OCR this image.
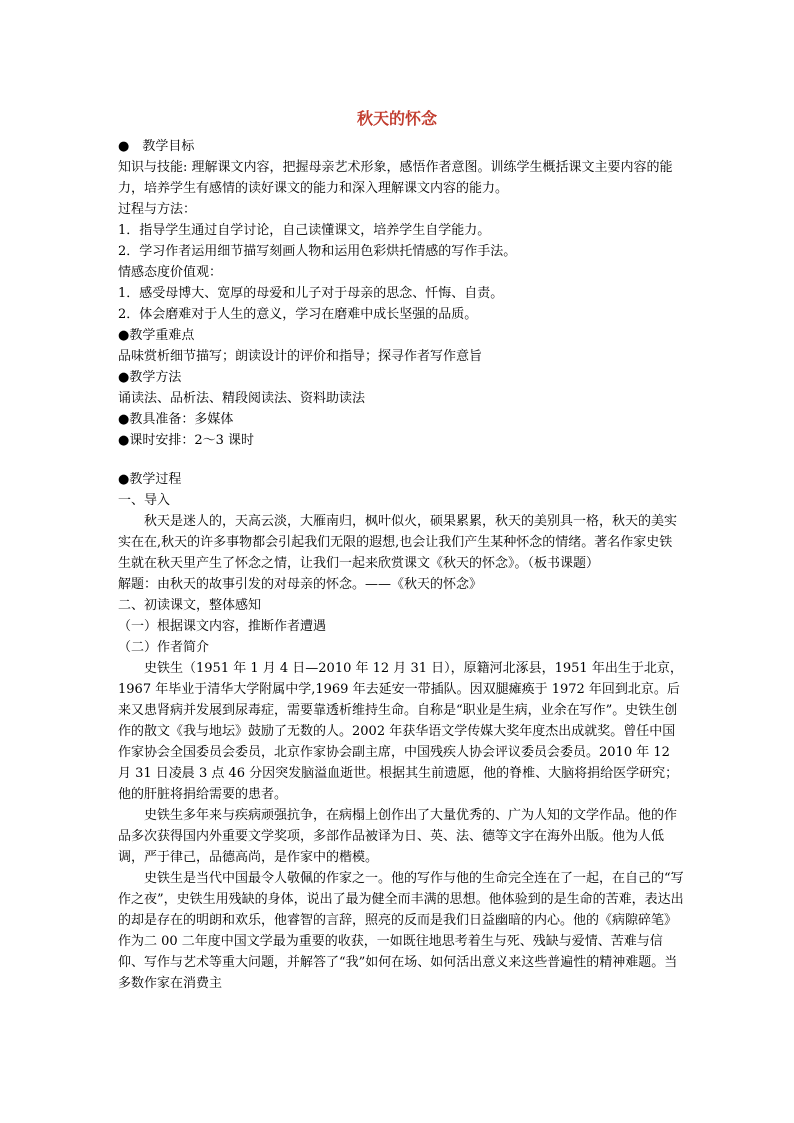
秋天的怀念

●　教学目标

知识与技能: 理解课文内容，把握母亲艺术形象，感悟作者意图。训练学生概括课文主要内容的能力，培养学生有感情的读好课文的能力和深入理解课文内容的能力。

过程与方法：

1．指导学生通过自学讨论，自己读懂课文，培养学生自学能力。

2．学习作者运用细节描写刻画人物和运用色彩烘托情感的写作手法。

情感态度价值观：

1．感受母博大、宽厚的母爱和儿子对于母亲的思念、忏悔、自责。

2．体会磨难对于人生的意义，学习在磨难中成长坚强的品质。

●教学重难点

品味赏析细节描写；朗读设计的评价和指导；探寻作者写作意旨

●教学方法

诵读法、品析法、精段阅读法、资料助读法

●教具准备：多媒体

●课时安排：2～3 课时

●教学过程

一、导入

秋天是迷人的，天高云淡，大雁南归，枫叶似火，硕果累累，秋天的美别具一格，秋天的美实实在在,秋天的许多事物都会引起我们无限的遐想,也会让我们产生某种怀念的情绪。著名作家史铁生就在秋天里产生了怀念之情，让我们一起来欣赏课文《秋天的怀念》。（板书课题）

解题：由秋天的故事引发的对母亲的怀念。——《秋天的怀念》

二、初读课文，整体感知

（一）根据课文内容，推断作者遭遇

（二）作者简介

史铁生（1951 年 1 月 4 日—2010 年 12 月 31 日），原籍河北涿县，1951 年出生于北京，1967 年毕业于清华大学附属中学,1969 年去延安一带插队。因双腿瘫痪于 1972 年回到北京。后来又患肾病并发展到尿毒症，需要靠透析维持生命。自称是“职业是生病，业余在写作”。史铁生创作的散文《我与地坛》鼓励了无数的人。2002 年获华语文学传媒大奖年度杰出成就奖。曾任中国作家协会全国委员会委员，北京作家协会副主席，中国残疾人协会评议委员会委员。2010 年 12 月 31 日凌晨 3 点 46 分因突发脑溢血逝世。根据其生前遗愿，他的脊椎、大脑将捐给医学研究；他的肝脏将捐给需要的患者。

史铁生多年来与疾病顽强抗争，在病榻上创作出了大量优秀的、广为人知的文学作品。他的作品多次获得国内外重要文学奖项，多部作品被译为日、英、法、德等文字在海外出版。他为人低调，严于律己，品德高尚，是作家中的楷模。

史铁生是当代中国最令人敬佩的作家之一。他的写作与他的生命完全连在了一起，在自己的“写作之夜”，史铁生用残缺的身体，说出了最为健全而丰满的思想。他体验到的是生命的苦难，表达出的却是存在的明朗和欢乐，他睿智的言辞，照亮的反而是我们日益幽暗的内心。他的《病隙碎笔》作为二 00 二年度中国文学最为重要的收获，一如既往地思考着生与死、残缺与爱情、苦难与信仰、写作与艺术等重大问题，并解答了“我”如何在场、如何活出意义来这些普遍性的精神难题。当多数作家在消费主
